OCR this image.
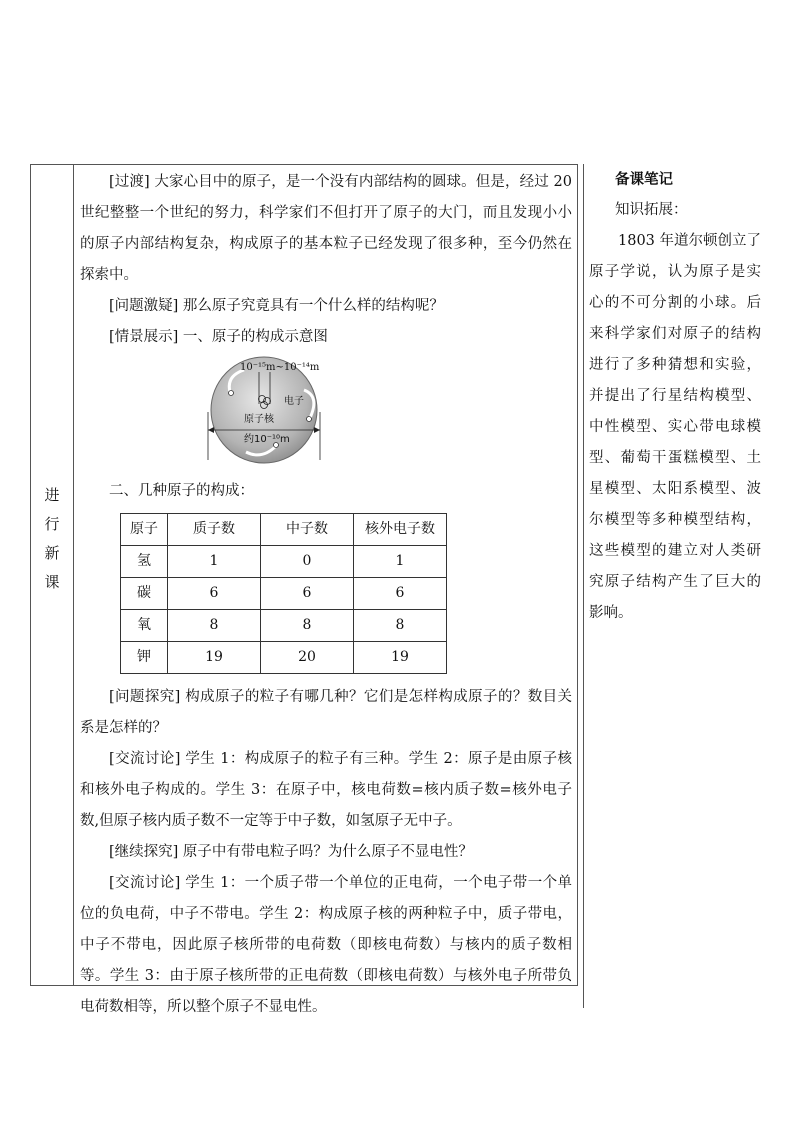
进
行
新
课

[过渡] 大家心目中的原子，是一个没有内部结构的圆球。但是，经过 20 世纪整整一个世纪的努力，科学家们不但打开了原子的大门，而且发现小小的原子内部结构复杂，构成原子的基本粒子已经发现了很多种，至今仍然在探索中。

[问题激疑] 那么原子究竟具有一个什么样的结构呢？

[情景展示] 一、原子的构成示意图

10⁻¹⁵m~10⁻¹⁴m
电子
原子核
约10⁻¹⁰m

二、几种原子的构成：

原子	质子数	中子数	核外电子数
氢	1	0	1
碳	6	6	6
氧	8	8	8
钾	19	20	19

[问题探究] 构成原子的粒子有哪几种？它们是怎样构成原子的？数目关系是怎样的？

[交流讨论] 学生 1：构成原子的粒子有三种。学生 2：原子是由原子核和核外电子构成的。学生 3：在原子中，核电荷数=核内质子数=核外电子数,但原子核内质子数不一定等于中子数，如氢原子无中子。

[继续探究] 原子中有带电粒子吗？为什么原子不显电性？

[交流讨论] 学生 1：一个质子带一个单位的正电荷，一个电子带一个单位的负电荷，中子不带电。学生 2：构成原子核的两种粒子中，质子带电，中子不带电，因此原子核所带的电荷数（即核电荷数）与核内的质子数相等。学生 3：由于原子核所带的正电荷数（即核电荷数）与核外电子所带负电荷数相等，所以整个原子不显电性。

备课笔记
知识拓展：
1803 年道尔顿创立了原子学说，认为原子是实心的不可分割的小球。后来科学家们对原子的结构进行了多种猜想和实验，并提出了行星结构模型、中性模型、实心带电球模型、葡萄干蛋糕模型、土星模型、太阳系模型、波尔模型等多种模型结构，这些模型的建立对人类研究原子结构产生了巨大的影响。
